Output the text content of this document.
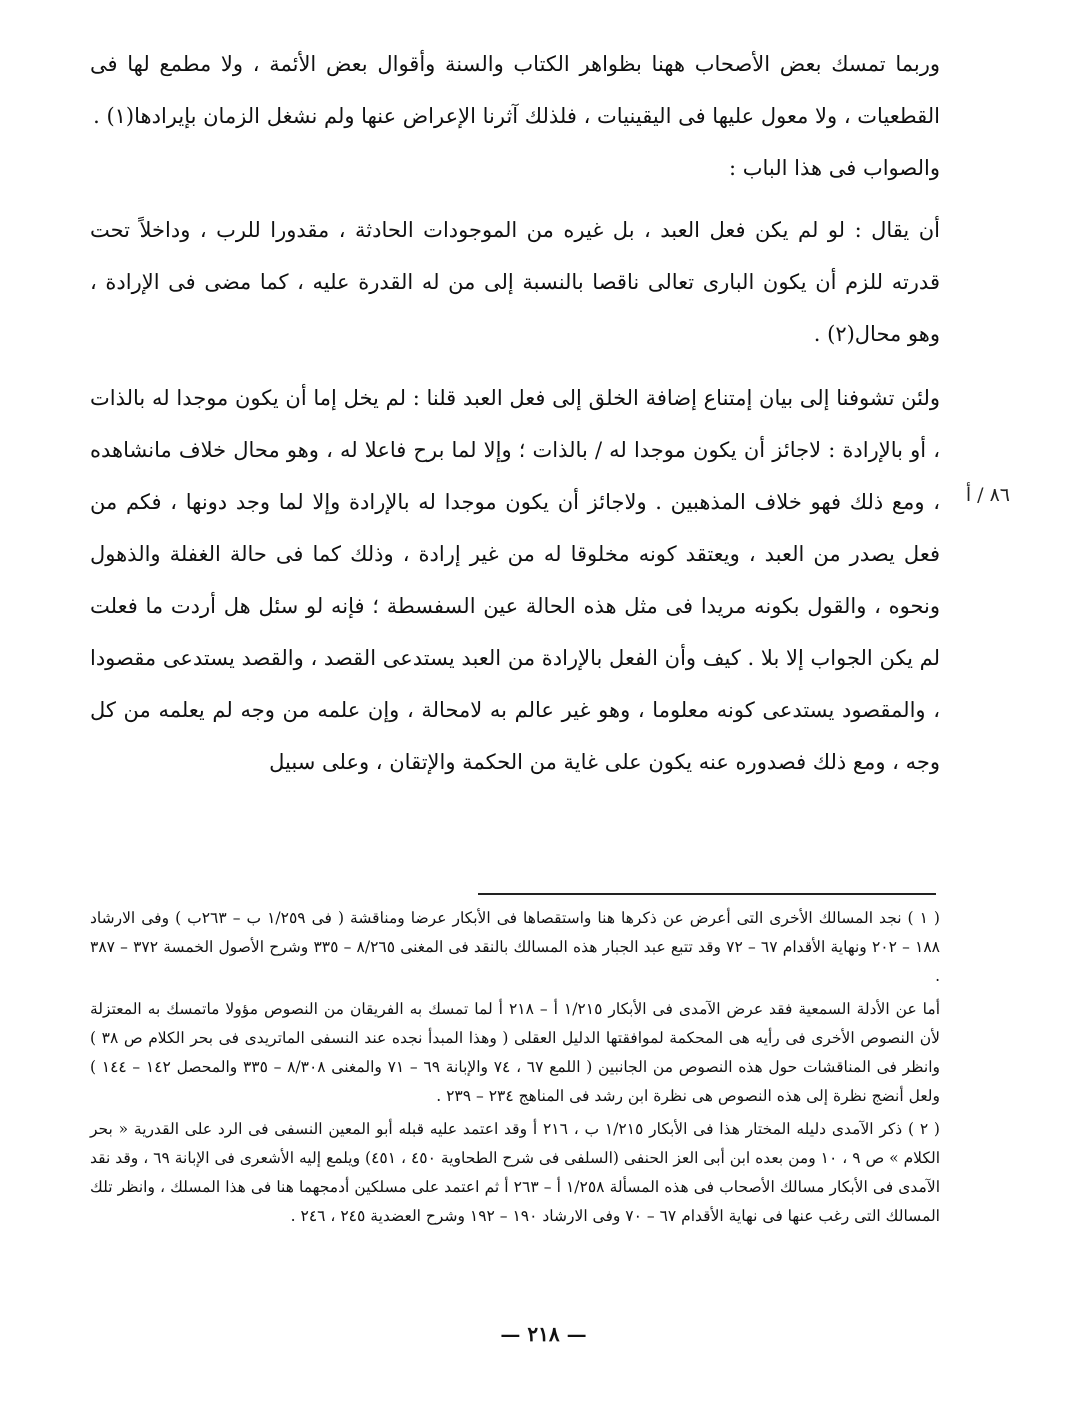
وربما تمسك بعض الأصحاب ههنا بظواهر الكتاب والسنة وأقوال بعض الأئمة ، ولا مطمع لها فى القطعيات ، ولا معول عليها فى اليقينيات ، فلذلك آثرنا الإعراض عنها ولم نشغل الزمان بإيرادها(١) .

والصواب فى هذا الباب :

أن يقال : لو لم يكن فعل العبد ، بل غيره من الموجودات الحادثة ، مقدورا للرب ، وداخلاً تحت قدرته للزم أن يكون البارى تعالى ناقصا بالنسبة إلى من له القدرة عليه ، كما مضى فى الإرادة ، وهو محال(٢) .

ولئن تشوفنا إلى بيان إمتناع إضافة الخلق إلى فعل العبد قلنا : لم يخل إما أن يكون موجدا له بالذات ، أو بالإرادة : لاجائز أن يكون موجدا له / بالذات ؛ وإلا لما برح فاعلا له ، وهو محال خلاف مانشاهده ، ومع ذلك فهو خلاف المذهبين . ولاجائز أن يكون موجدا له بالإرادة وإلا لما وجد دونها ، فكم من فعل يصدر من العبد ، ويعتقد كونه مخلوقا له من غير إرادة ، وذلك كما فى حالة الغفلة والذهول ونحوه ، والقول بكونه مريدا فى مثل هذه الحالة عين السفسطة ؛ فإنه لو سئل هل أردت ما فعلت لم يكن الجواب إلا بلا . كيف وأن الفعل بالإرادة من العبد يستدعى القصد ، والقصد يستدعى مقصودا ، والمقصود يستدعى كونه معلوما ، وهو غير عالم به لامحالة ، وإن علمه من وجه لم يعلمه من كل وجه ، ومع ذلك فصدوره عنه يكون على غاية من الحكمة والإتقان ، وعلى سبيل

٨٦ / أ

( ١ ) نجد المسالك الأخرى التى أعرض عن ذكرها هنا واستقصاها فى الأبكار عرضا ومناقشة ( فى ١/٢٥٩ ب – ٢٦٣ب ) وفى الارشاد ١٨٨ – ٢٠٢ ونهاية الأقدام ٦٧ – ٧٢ وقد تتبع عبد الجبار هذه المسالك بالنقد فى المغنى ٨/٢٦٥ – ٣٣٥ وشرح الأصول الخمسة ٣٧٢ – ٣٨٧ .

أما عن الأدلة السمعية فقد عرض الآمدى فى الأبكار ١/٢١٥ أ – ٢١٨ أ لما تمسك به الفريقان من النصوص مؤولا ماتمسك به المعتزلة لأن النصوص الأخرى فى رأيه هى المحكمة لموافقتها الدليل العقلى ( وهذا المبدأ نجده عند النسفى الماتريدى فى بحر الكلام ص ٣٨ ) وانظر فى المناقشات حول هذه النصوص من الجانبين ( اللمع ٦٧ ، ٧٤ والإبانة ٦٩ – ٧١ والمغنى ٨/٣٠٨ – ٣٣٥ والمحصل ١٤٢ – ١٤٤ ) ولعل أنضج نظرة إلى هذه النصوص هى نظرة ابن رشد فى المناهج ٢٣٤ – ٢٣٩ .

( ٢ ) ذكر الآمدى دليله المختار هذا فى الأبكار ١/٢١٥ ب ، ٢١٦ أ وقد اعتمد عليه قبله أبو المعين النسفى فى الرد على القدرية « بحر الكلام » ص ٩ ، ١٠ ومن بعده ابن أبى العز الحنفى (السلفى فى شرح الطحاوية ٤٥٠ ، ٤٥١) ويلمع إليه الأشعرى فى الإبانة ٦٩ ، وقد نقد الآمدى فى الأبكار مسالك الأصحاب فى هذه المسألة ١/٢٥٨ أ – ٢٦٣ أ ثم اعتمد على مسلكين أدمجهما هنا فى هذا المسلك ، وانظر تلك المسالك التى رغب عنها فى نهاية الأقدام ٦٧ – ٧٠ وفى الارشاد ١٩٠ – ١٩٢ وشرح العضدية ٢٤٥ ، ٢٤٦ .

— ٢١٨ —
